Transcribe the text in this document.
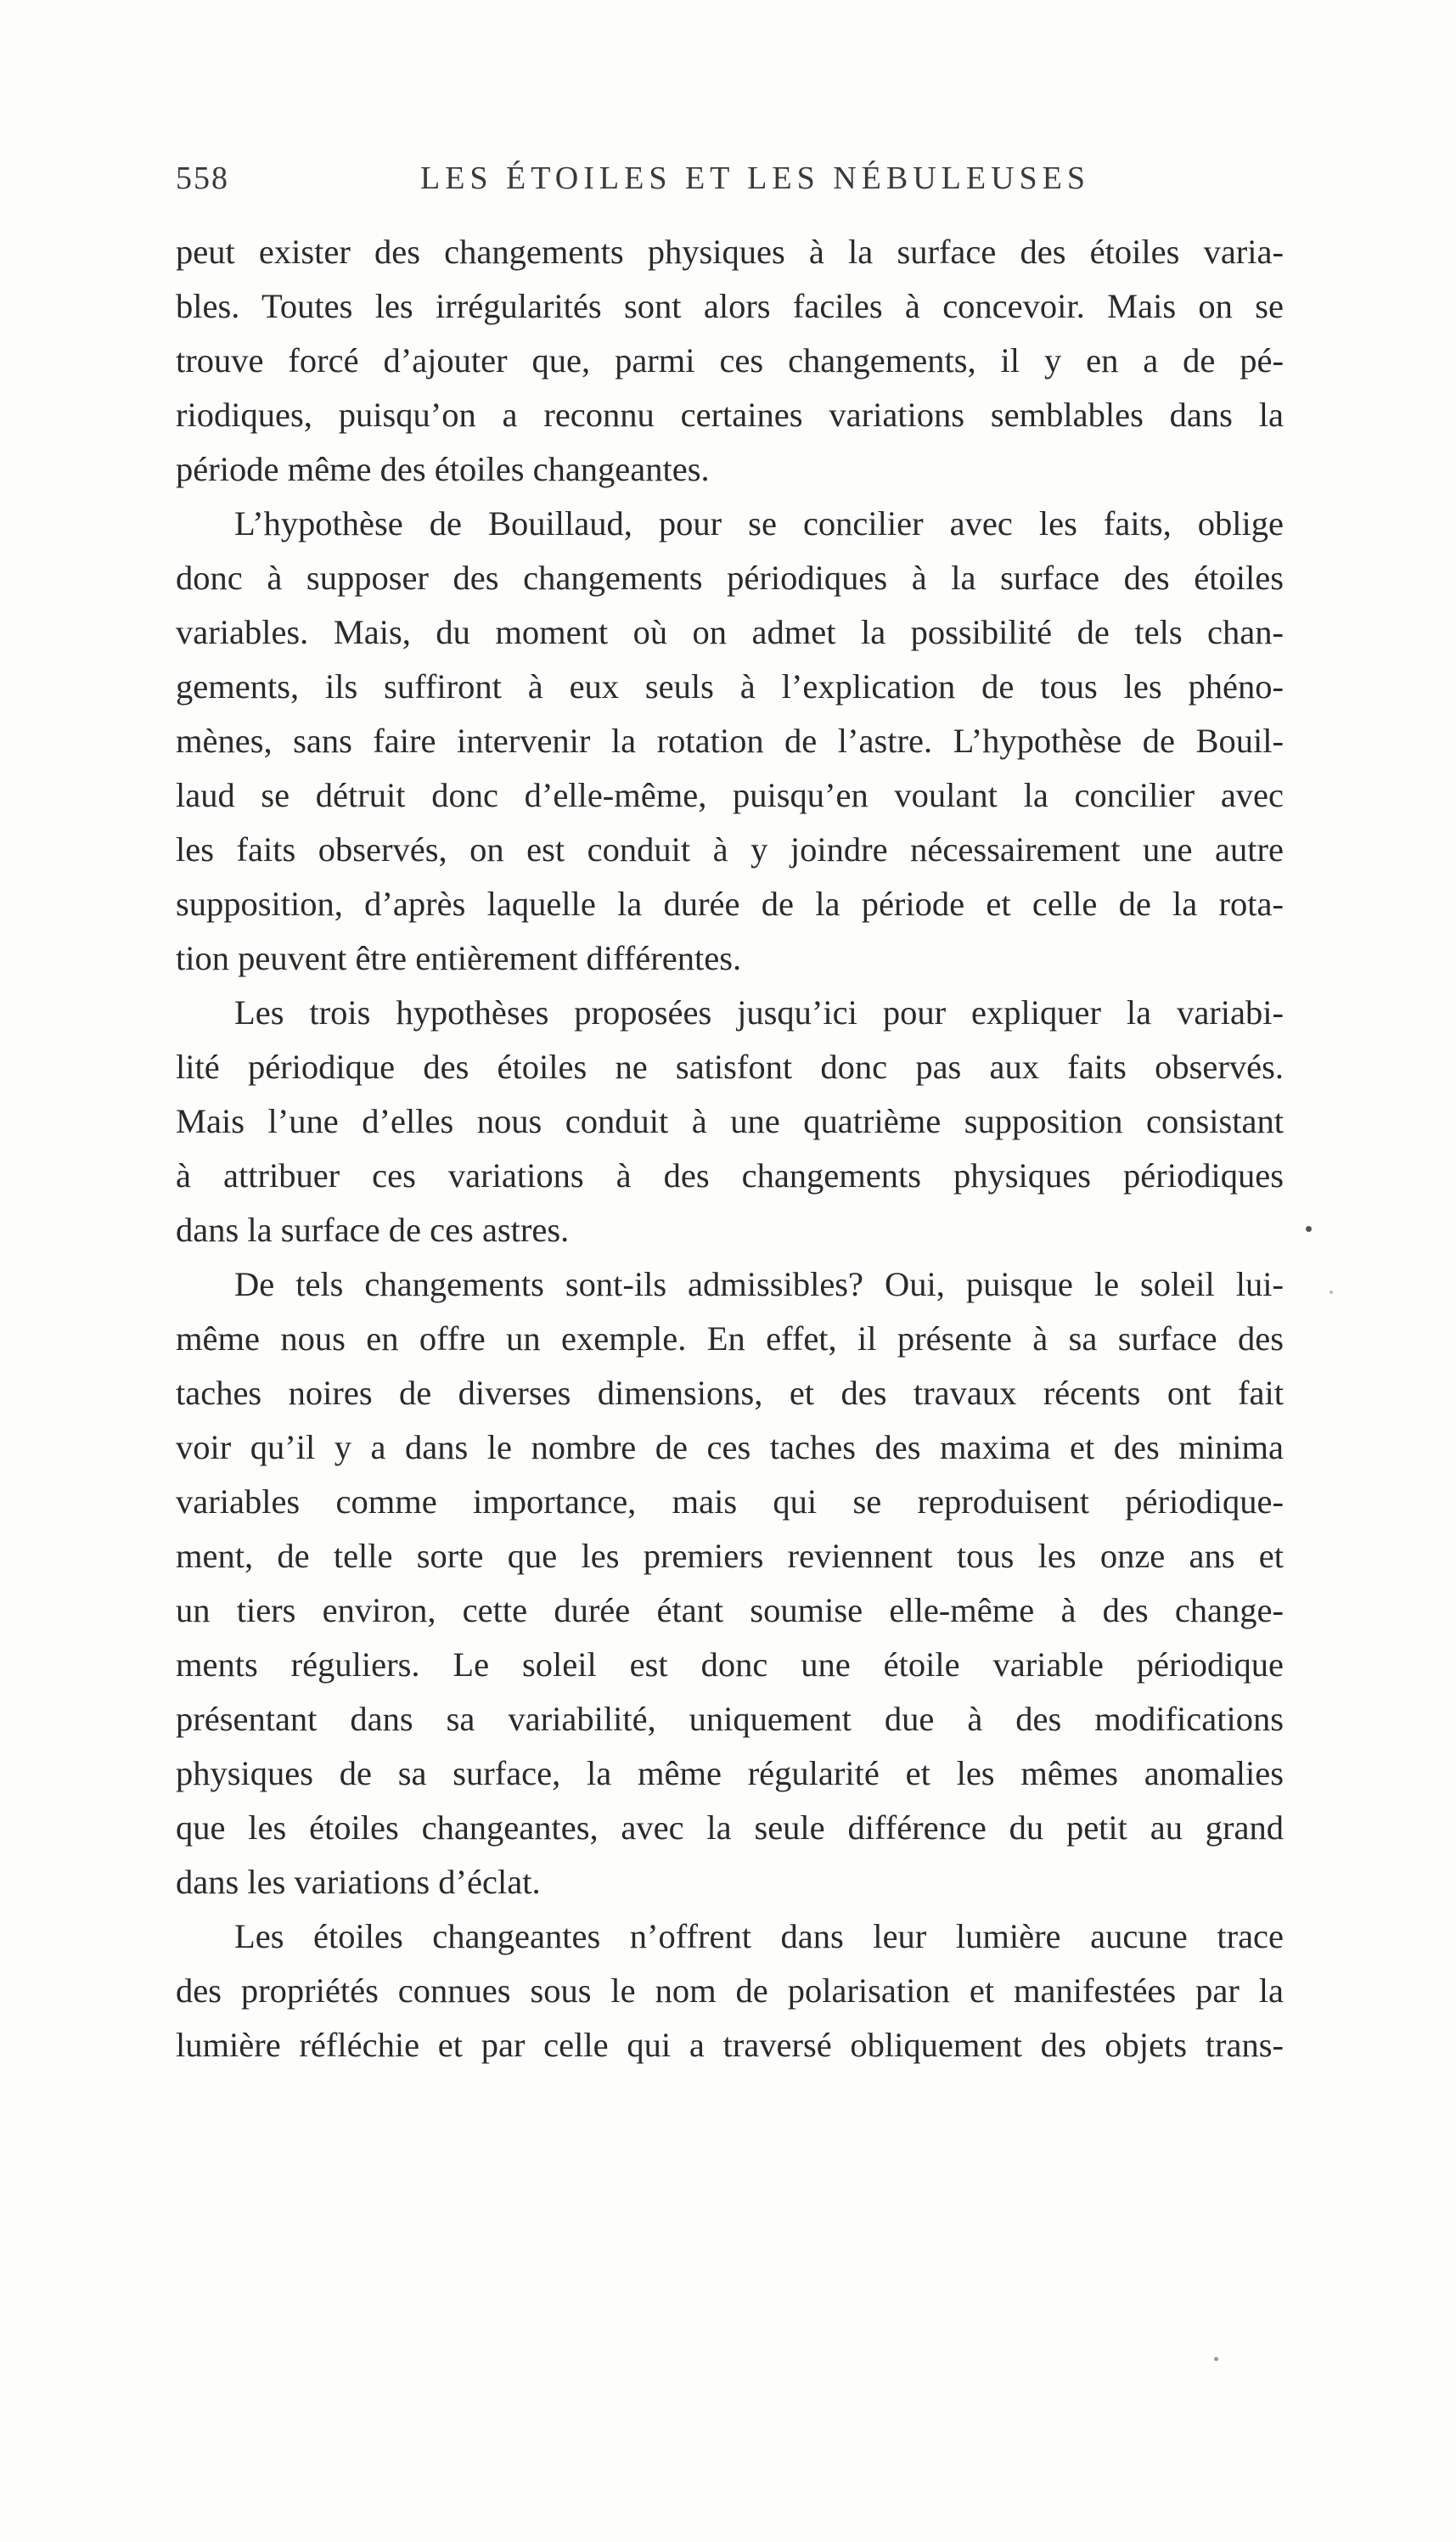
558	LES ÉTOILES ET LES NÉBULEUSES
peut exister des changements physiques à la surface des étoiles varia-
bles. Toutes les irrégularités sont alors faciles à concevoir. Mais on se
trouve forcé d’ajouter que, parmi ces changements, il y en a de pé-
riodiques, puisqu’on a reconnu certaines variations semblables dans la
période même des étoiles changeantes.
L’hypothèse de Bouillaud, pour se concilier avec les faits, oblige
donc à supposer des changements périodiques à la surface des étoiles
variables. Mais, du moment où on admet la possibilité de tels chan-
gements, ils suffiront à eux seuls à l’explication de tous les phéno-
mènes, sans faire intervenir la rotation de l’astre. L’hypothèse de Bouil-
laud se détruit donc d’elle-même, puisqu’en voulant la concilier avec
les faits observés, on est conduit à y joindre nécessairement une autre
supposition, d’après laquelle la durée de la période et celle de la rota-
tion peuvent être entièrement différentes.
Les trois hypothèses proposées jusqu’ici pour expliquer la variabi-
lité périodique des étoiles ne satisfont donc pas aux faits observés.
Mais l’une d’elles nous conduit à une quatrième supposition consistant
à attribuer ces variations à des changements physiques périodiques
dans la surface de ces astres.
De tels changements sont-ils admissibles? Oui, puisque le soleil lui-
même nous en offre un exemple. En effet, il présente à sa surface des
taches noires de diverses dimensions, et des travaux récents ont fait
voir qu’il y a dans le nombre de ces taches des maxima et des minima
variables comme importance, mais qui se reproduisent périodique-
ment, de telle sorte que les premiers reviennent tous les onze ans et
un tiers environ, cette durée étant soumise elle-même à des change-
ments réguliers. Le soleil est donc une étoile variable périodique
présentant dans sa variabilité, uniquement due à des modifications
physiques de sa surface, la même régularité et les mêmes anomalies
que les étoiles changeantes, avec la seule différence du petit au grand
dans les variations d’éclat.
Les étoiles changeantes n’offrent dans leur lumière aucune trace
des propriétés connues sous le nom de polarisation et manifestées par la
lumière réfléchie et par celle qui a traversé obliquement des objets trans-
